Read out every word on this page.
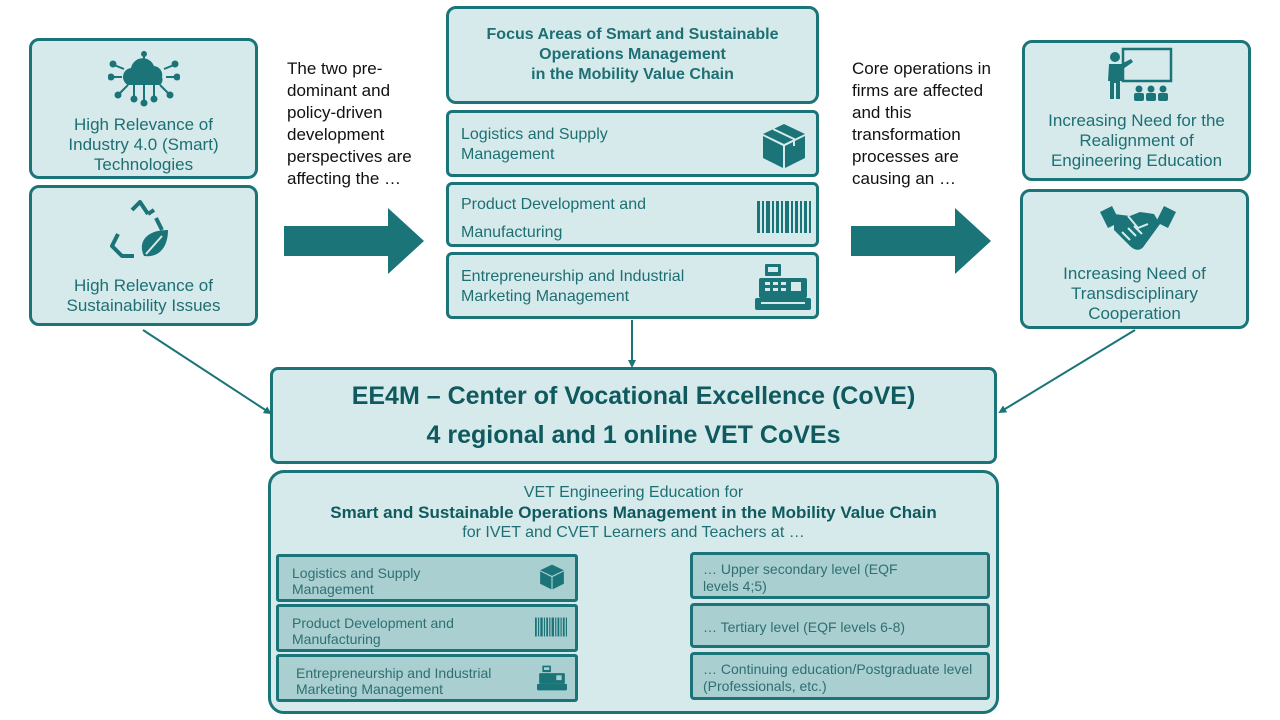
High Relevance of Industry 4.0 (Smart) Technologies
High Relevance of Sustainability Issues
The two pre-dominant and policy-driven development perspectives are affecting the …
Focus Areas of Smart and Sustainable
Operations Management
in the Mobility Value Chain
Logistics and Supply Management
Product Development and Manufacturing
Entrepreneurship and Industrial Marketing Management
Core operations in firms are affected and this transformation processes are causing an …
Increasing Need for the Realignment of Engineering Education
Increasing Need of Transdisciplinary Cooperation
EE4M – Center of Vocational Excellence (CoVE)
4 regional and 1 online VET CoVEs
VET Engineering Education for
Smart and Sustainable Operations Management in the Mobility Value Chain
for IVET and CVET Learners and Teachers at …
Logistics and Supply Management
Product Development and Manufacturing
Entrepreneurship and Industrial Marketing Management
… Upper secondary level (EQF levels 4;5)
… Tertiary level (EQF levels 6-8)
… Continuing education/Postgraduate level (Professionals, etc.)
